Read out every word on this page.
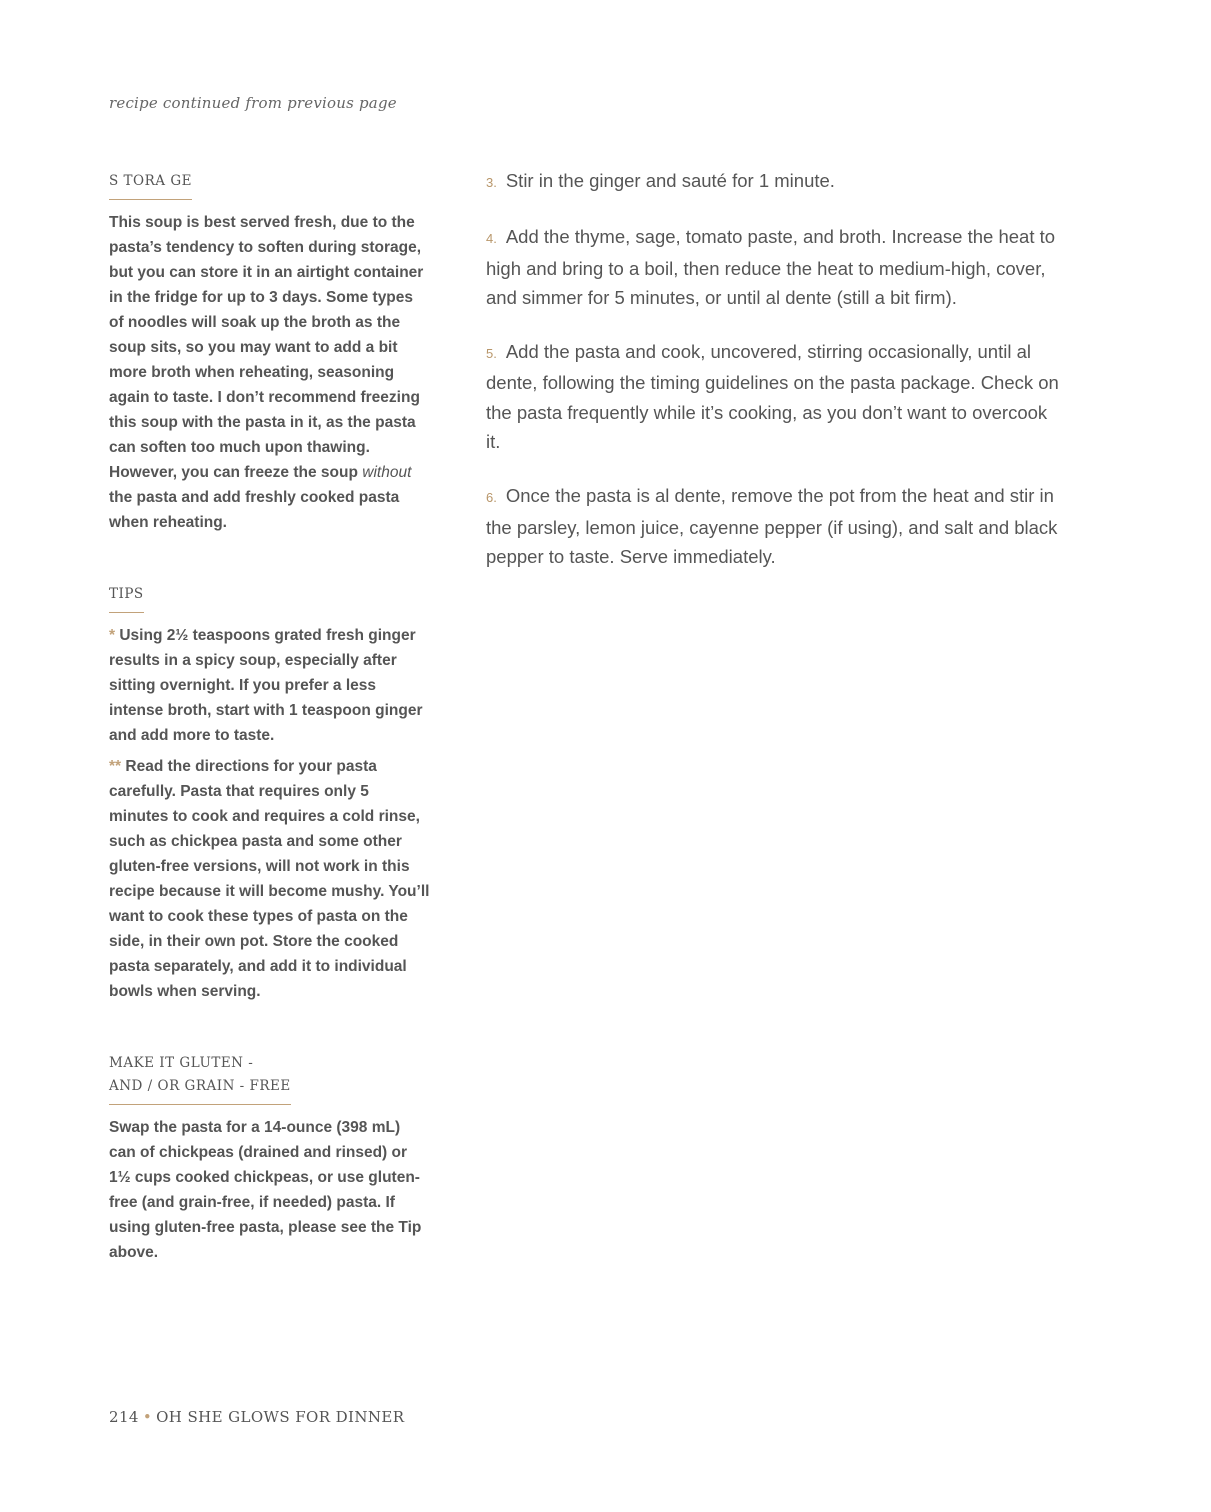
recipe continued from previous page
S TORA GE

This soup is best served fresh, due to the pasta’s tendency to soften during storage, but you can store it in an airtight container in the fridge for up to 3 days. Some types of noodles will soak up the broth as the soup sits, so you may want to add a bit more broth when reheating, seasoning again to taste. I don’t recommend freezing this soup with the pasta in it, as the pasta can soften too much upon thawing. However, you can freeze the soup without the pasta and add freshly cooked pasta when reheating.

TIPS

* Using 2½ teaspoons grated fresh ginger results in a spicy soup, especially after sitting overnight. If you prefer a less intense broth, start with 1 teaspoon ginger and add more to taste.

** Read the directions for your pasta carefully. Pasta that requires only 5 minutes to cook and requires a cold rinse, such as chickpea pasta and some other gluten-free versions, will not work in this recipe because it will become mushy. You’ll want to cook these types of pasta on the side, in their own pot. Store the cooked pasta separately, and add it to individual bowls when serving.

MAKE IT GLUTEN -
AND / OR GRAIN - FREE

Swap the pasta for a 14-ounce (398 mL) can of chickpeas (drained and rinsed) or 1½ cups cooked chickpeas, or use gluten-free (and grain-free, if needed) pasta. If using gluten-free pasta, please see the Tip above.

3. Stir in the ginger and sauté for 1 minute.

4. Add the thyme, sage, tomato paste, and broth. Increase the heat to high and bring to a boil, then reduce the heat to medium-high, cover, and simmer for 5 minutes, or until al dente (still a bit firm).

5. Add the pasta and cook, uncovered, stirring occasionally, until al dente, following the timing guidelines on the pasta package. Check on the pasta frequently while it’s cooking, as you don’t want to overcook it.

6. Once the pasta is al dente, remove the pot from the heat and stir in the parsley, lemon juice, cayenne pepper (if using), and salt and black pepper to taste. Serve immediately.

214 • OH SHE GLOWS FOR DINNER
